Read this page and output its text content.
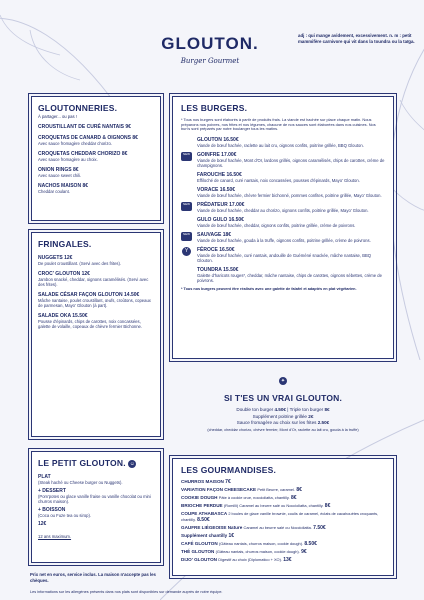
GLOUTON.
Burger Gourmet
adj : qui mange avidement, excessivement. n. m : petit mammifère carnivore qui vit dans la toundra ou la taïga.
GLOUTONNERIES.
À partager... ou pas !
CROUSTILLANT DE CURÉ NANTAIS 9€
CROQUETAS DE CANARD & OIGNONS 8€
Avec sauce fromagère cheddar chorizo.
CROQUETAS CHEDDAR CHORIZO 8€
Avec sauce fromagère au choix.
ONION RINGS 8€
Avec sauce sweet chili.
NACHOS MAISON 8€
Cheddar coulant.
FRINGALES.
NUGGETS 12€
De poulet croustillant. (Servi avec des frites).
CROC' GLOUTON 12€
Jambon snacké, cheddar, oignons caramélisés. (Servi avec des frites).
SALADE CÉSAR FAÇON GLOUTON 14.50€
Mâche nantaise, poulet croustillant, œufs, croûtons, copeaux de parmesan, Mayo' Glouton (à part).
SALADE OKA 15.50€
Pousse d'épinards, chips de carottes, noix concassées, galette de volaille, copeaux de chèvre fermier Bichonne.
LE PETIT GLOUTON. ☺
PLAT
(Steak haché ou Cheese burger ou Nuggets).
+ DESSERT
(Pom'potes ou glace vanille fraise ou vanille chocolat ou mini churros maison).
+ BOISSON
(Coca ou Fuze tea ou sirop).
12€
12 ans maximum.
LES BURGERS.
* Tous nos burgers sont élaborés à partir de produits frais. La viande est hachée sur place chaque matin. Nous préparons nos poivres, nos frites et nos légumes, chacune de nos sauces sont élaborées dans nos cuisines. Nos bun's sont préparés par notre boulanger tous les matins.
GLOUTON 16.50€
Viande de bœuf hachée, raclette au lait cru, oignons confits, poitrine grillée, BBQ Glouton.
NEW	GOINFRE 17.00€
Viande de bœuf hachée, Mont d'Or, lardons grillés, oignons caramélisés, chips de carottes, crème de champignons.
FAROUCHE 16.50€
Effiloché de canard, curé nantais, noix concassées, pousses d'épinards, Mayo' Glouton.
VORACE 16.50€
Viande de bœuf hachée, chèvre fermier bichonné, pommes confites, poitrine grillée, Mayo' Glouton.
NEW	PRÉDATEUR 17.00€
Viande de bœuf hachée, cheddar au chorizo, oignons confits, poitrine grillée, Mayo' Glouton.
GULO GULO 16.50€
Viande de bœuf hachée, cheddar, oignons confits, poitrine grillée, crème de poivrons.
NEW	SAUVAGE 18€
Viande de bœuf hachée, gouda à la truffe, oignons confits, poitrine grillée, crème de poivrons.
Y	FÉROCE 16.50€
Viande de bœuf hachée, curé nantais, andouille de Guéméné snackée, mâche nantaise, BBQ Glouton.
TOUNDRA 15.50€
Galette d'haricots rouges*, cheddar, mâche nantaise, chips de carottes, oignons sébettes, crème de poivrons.
* Tous nos burgers peuvent être réalisés avec une galette de falafel et adaptés en plat végétarien.
✦
SI T'ES UN VRAI GLOUTON.
Double ton burger 4.50€ | Triple ton burger 8€
Supplément poitrine grillée 2€
Sauce fromagère au choix sur les frites 2.50€
(cheddar, cheddar chorizo, chèvre fermier, Mont d'Or, raclette au lait cru, gouda à la truffe)
LES GOURMANDISES.
CHURROS MAISON 7€
VARIATION FAÇON CHEESECAKE Petit Beurre, caramel. 8€
COOKIE DOUGH Pâte à cookie crue, noccioliatta, chantilly. 8€
BRIOCHE PERDUE (Romilli) Caramel au beurre salé ou Noccioliatta, chantilly. 8€
COUPE ATHABASCA 2 boules de glace vanille brownie, coulis de caramel, éclats de cacahouètes croquants, chantilly. 8.50€
GAUFRE LIÉGEOISE Nature Caramel au beurre salé ou Noccioliatta. 7.50€
Supplément chantilly 1€
CAFÉ GLOUTON (Gâteau nantais, churros maison, cookie dough). 8.50€
THÉ GLOUTON (Gâteau nantais, churros maison, cookie dough). 9€
DIJO' GLOUTON Digestif au choix (Diplomatico + XO). 13€
Prix net en euros, service inclus. La maison n'accepte pas les chèques.
Les informations sur les allergènes présents dans nos plats sont disponibles sur demande auprès de notre équipe.
